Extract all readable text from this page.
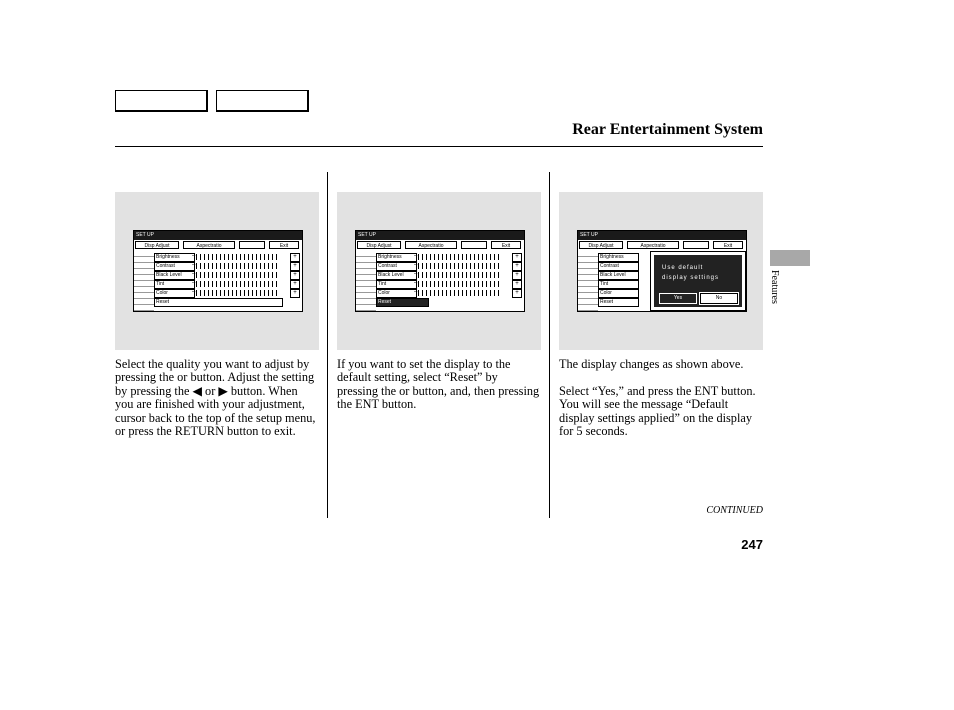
Rear Entertainment System
SET UP
Disp Adjust	Aspectratio	Exit
Brightness	–	+
Contrast	–	+
Black Level	–	+
Tint	–	+
Color	–	+
Reset
SET UP
Disp Adjust	Aspectratio	Exit
Brightness	–	+
Contrast	–	+
Black Level	–	+
Tint	–	+
Color	–	+
Reset
SET UP
Disp Adjust	Aspectratio	Exit
Brightness
Contrast
Black Level
Tint
Color
Reset
Use default
display settings
Yes	No

Select the quality you want to adjust by pressing the or button. Adjust the setting by pressing the ◀ or ▶ button. When you are finished with your adjustment, cursor back to the top of the setup menu, or press the RETURN button to exit.

If you want to set the display to the default setting, select “Reset” by pressing the or button, and, then pressing the ENT button.

The display changes as shown above.

Select “Yes,” and press the ENT button. You will see the message “Default display settings applied” on the display for 5 seconds.

Features
CONTINUED
247
